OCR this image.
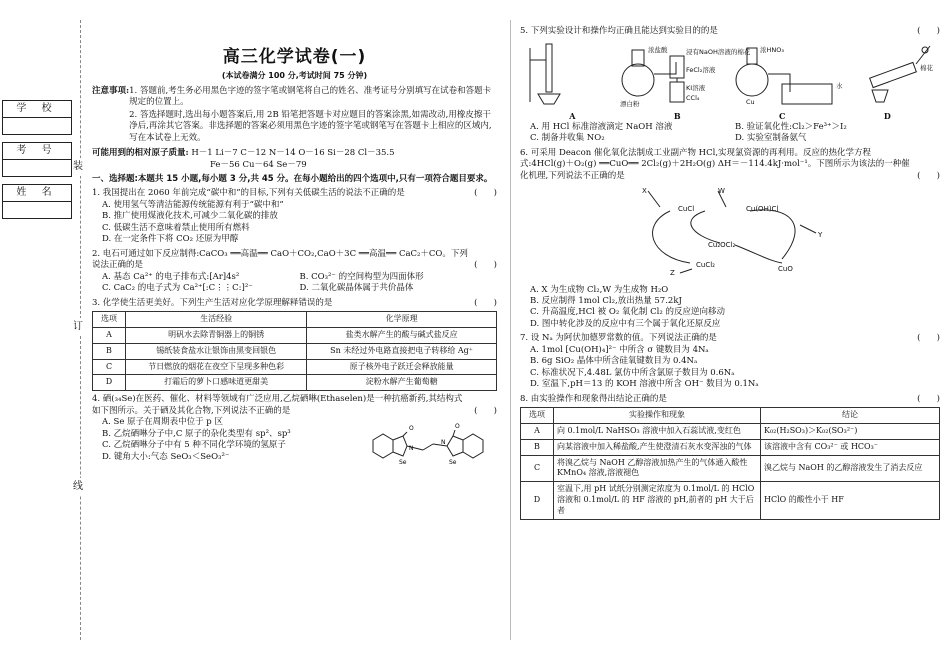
装
订
线
学 校
考 号
姓 名
高三化学试卷(一)
(本试卷满分 100 分,考试时间 75 分钟)
注意事项: 1. 答题前,考生务必用黑色字迹的签字笔或钢笔将自己的姓名、准考证号分别填写在试卷和答题卡规定的位置上。
2. 答选择题时,选出每小题答案后,用 2B 铅笔把答题卡对应题目的答案涂黑,如需改动,用橡皮擦干净后,再涂其它答案。非选择题的答案必须用黑色字迹的签字笔或钢笔写在答题卡上相应的区域内,写在本试卷上无效。
可能用到的相对原子质量: H－1 Li－7 C－12 N－14 O－16 Si－28 Cl－35.5
Fe－56 Cu－64 Se－79
一、选择题:本题共 15 小题,每小题 3 分,共 45 分。在每小题给出的四个选项中,只有一项符合题目要求。
1. 我国提出在 2060 年前完成“碳中和”的目标,下列有关低碳生活的说法不正确的是	(      )
A. 使用氢气等清洁能源传统能源有利于“碳中和”
B. 推广使用煤液化技术,可减少二氧化碳的排放
C. 低碳生活不意味着禁止使用所有燃料
D. 在一定条件下将 CO₂ 还原为甲醇
2. 电石可通过如下反应制得:CaCO₃ ══高温══ CaO＋CO₂,CaO＋3C ══高温══ CaC₂＋CO。下列说法正确的是	(      )
A. 基态 Ca²⁺ 的电子排布式:[Ar]4s²	B. CO₃²⁻ 的空间构型为四面体形
C. CaC₂ 的电子式为 Ca²⁺[:C⋮⋮C:]²⁻	D. 二氧化碳晶体属于共价晶体
3. 化学使生活更美好。下列生产生活对应化学原理解释错误的是	(      )
选项	生活经验	化学原理
A	明矾水去除青铜器上的铜锈	盐类水解产生的酸与碱式盐反应
B	锡纸装食盐水让银饰由黑变回银色	Sn 未经过外电路直接把电子转移给 Ag⁺
C	节日燃放的烟花在夜空下呈现多种色彩	原子核外电子跃迁会释放能量
D	打霜后的萝卜口感味道更甜美	淀粉水解产生葡萄糖
4. 硒(₃₄Se)在医药、催化、材料等领域有广泛应用,乙烷硒啉(Ethaselen)是一种抗癌新药,其结构式如下图所示。关于硒及其化合物,下列说法不正确的是	(      )
A. Se 原子在周期表中位于 p 区
B. 乙烷硒啉分子中,C 原子的杂化类型有 sp²、sp³
C. 乙烷硒啉分子中有 5 种不同化学环境的氢原子
D. 键角大小:气态 SeO₃＜SeO₃²⁻
Se	Se
O	O
N
N
5. 下列实验设计和操作均正确且能达到实验目的的是	(      )
浓盐酸
漂白粉
浸有NaOH溶液的棉花
FeCl₂溶液
KI溶液
CCl₄
浓HNO₃
Cu
水
棉花
A	B	C	D
A. 用 HCl 标准溶液滴定 NaOH 溶液	B. 验证氧化性:Cl₂＞Fe³⁺＞I₂
C. 制备并收集 NO₂	D. 实验室制备氨气
6. 可采用 Deacon 催化氧化法制成工业副产物 HCl,实现氯资源的再利用。反应的热化学方程式:4HCl(g)＋O₂(g) ══CuO══ 2Cl₂(g)＋2H₂O(g) ΔH＝－114.4kJ·mol⁻¹。下图所示为该法的一种催化机理,下列说法不正确的是	(      )
CuCl	Cu(OH)Cl
Cu₂OCl₂
CuCl₂	CuO
X	W
Y
Z
A. X 为生成物 Cl₂,W 为生成物 H₂O
B. 反应制得 1mol Cl₂,放出热量 57.2kJ
C. 升高温度,HCl 被 O₂ 氧化制 Cl₂ 的反应逆向移动
D. 图中转化涉及的反应中有三个属于氧化还原反应
7. 设 Nₐ 为阿伏加德罗常数的值。下列说法正确的是	(      )
A. 1mol [Cu(OH)₄]²⁻ 中所含 σ 键数目为 4Nₐ
B. 6g SiO₂ 晶体中所含硅氧键数目为 0.4Nₐ
C. 标准状况下,4.48L 氯仿中所含氯原子数目为 0.6Nₐ
D. 室温下,pH＝13 的 KOH 溶液中所含 OH⁻ 数目为 0.1Nₐ
8. 由实验操作和现象得出结论正确的是	(      )
选项	实验操作和现象	结论
A	向 0.1mol/L NaHSO₃ 溶液中加入石蕊试液,变红色	K₀₂(H₂SO₃)＞K₀₂(SO₃²⁻)
B	向某溶液中加入稀盐酸,产生使澄清石灰水变浑浊的气体	该溶液中含有 CO₃²⁻ 或 HCO₃⁻
C	将溴乙烷与 NaOH 乙醇溶液加热产生的气体通入酸性 KMnO₄ 溶液,溶液褪色	溴乙烷与 NaOH 的乙醇溶液发生了消去反应
D	室温下,用 pH 试纸分别测定浓度为 0.1mol/L 的 HClO 溶液和 0.1mol/L 的 HF 溶液的 pH,前者的 pH 大于后者	HClO 的酸性小于 HF
